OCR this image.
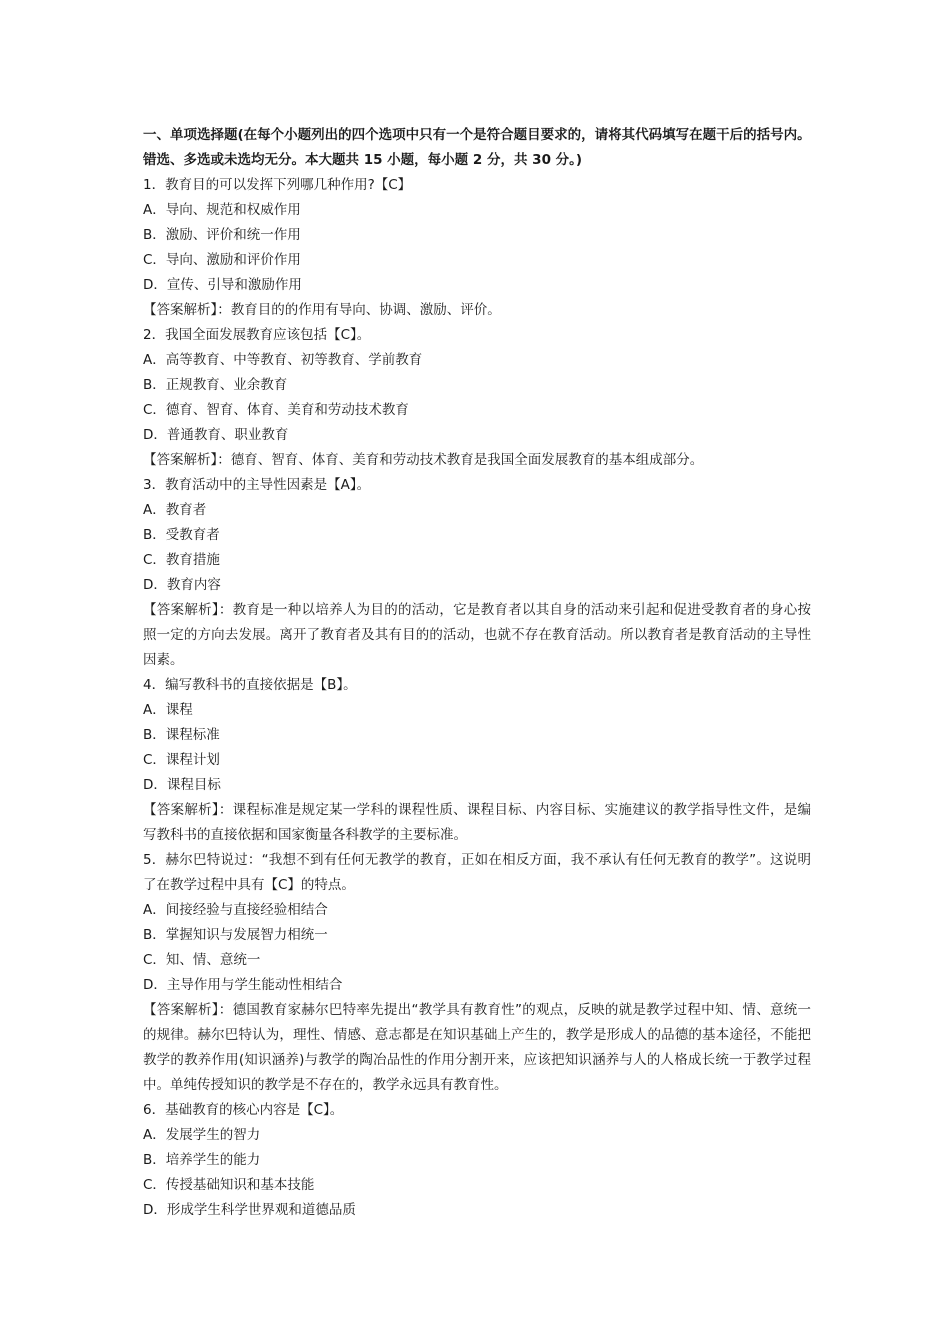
一、单项选择题(在每个小题列出的四个选项中只有一个是符合题目要求的，请将其代码填写在题干后的括号内。错选、多选或未选均无分。本大题共 15 小题，每小题 2 分，共 30 分。)

1．教育目的可以发挥下列哪几种作用?【C】

A．导向、规范和权威作用

B．激励、评价和统一作用

C．导向、激励和评价作用

D．宣传、引导和激励作用

【答案解析】：教育目的的作用有导向、协调、激励、评价。

2．我国全面发展教育应该包括【C】。

A．高等教育、中等教育、初等教育、学前教育

B．正规教育、业余教育

C．德育、智育、体育、美育和劳动技术教育

D．普通教育、职业教育

【答案解析】：德育、智育、体育、美育和劳动技术教育是我国全面发展教育的基本组成部分。

3．教育活动中的主导性因素是【A】。

A．教育者

B．受教育者

C．教育措施

D．教育内容

【答案解析】：教育是一种以培养人为目的的活动，它是教育者以其自身的活动来引起和促进受教育者的身心按照一定的方向去发展。离开了教育者及其有目的的活动，也就不存在教育活动。所以教育者是教育活动的主导性因素。

4．编写教科书的直接依据是【B】。

A．课程

B．课程标准

C．课程计划

D．课程目标

【答案解析】：课程标准是规定某一学科的课程性质、课程目标、内容目标、实施建议的教学指导性文件，是编写教科书的直接依据和国家衡量各科教学的主要标准。

5．赫尔巴特说过：“我想不到有任何无教学的教育，正如在相反方面，我不承认有任何无教育的教学”。这说明了在教学过程中具有【C】的特点。

A．间接经验与直接经验相结合

B．掌握知识与发展智力相统一

C．知、情、意统一

D．主导作用与学生能动性相结合

【答案解析】：德国教育家赫尔巴特率先提出“教学具有教育性”的观点，反映的就是教学过程中知、情、意统一的规律。赫尔巴特认为，理性、情感、意志都是在知识基础上产生的，教学是形成人的品德的基本途径，不能把教学的教养作用(知识涵养)与教学的陶冶品性的作用分割开来，应该把知识涵养与人的人格成长统一于教学过程中。单纯传授知识的教学是不存在的，教学永远具有教育性。

6．基础教育的核心内容是【C】。

A．发展学生的智力

B．培养学生的能力

C．传授基础知识和基本技能

D．形成学生科学世界观和道德品质
